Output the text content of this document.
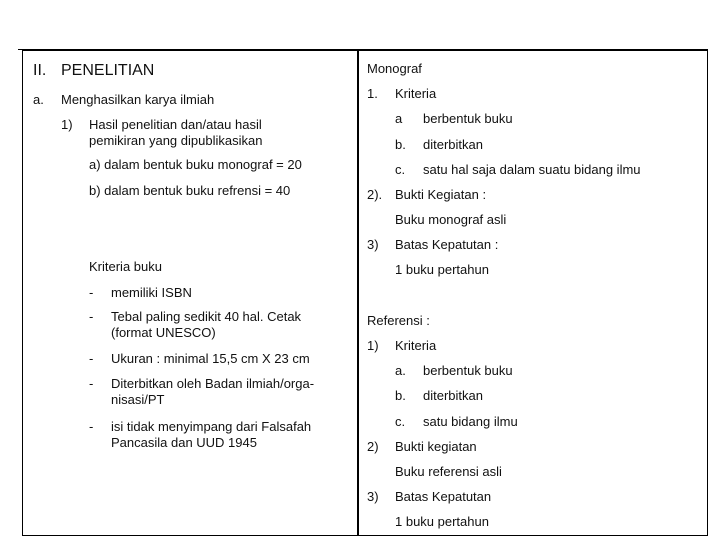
II. PENELITIAN
a. Menghasilkan karya ilmiah
1) Hasil penelitian dan/atau hasil
pemikiran yang dipublikasikan
a) dalam bentuk buku monograf = 20
b) dalam bentuk buku refrensi = 40
Kriteria buku
- memiliki ISBN
- Tebal paling sedikit 40 hal. Cetak
(format UNESCO)
- Ukuran : minimal 15,5 cm X 23 cm
- Diterbitkan oleh Badan ilmiah/orga-
nisasi/PT
- isi tidak menyimpang dari Falsafah
Pancasila dan UUD 1945
Monograf
1. Kriteria
a berbentuk buku
b. diterbitkan
c. satu hal saja dalam suatu bidang ilmu
2). Bukti Kegiatan :
Buku monograf asli
3) Batas Kepatutan :
1 buku pertahun
Referensi :
1) Kriteria
a. berbentuk buku
b. diterbitkan
c. satu bidang ilmu
2) Bukti kegiatan
Buku referensi asli
3) Batas Kepatutan
1 buku pertahun
